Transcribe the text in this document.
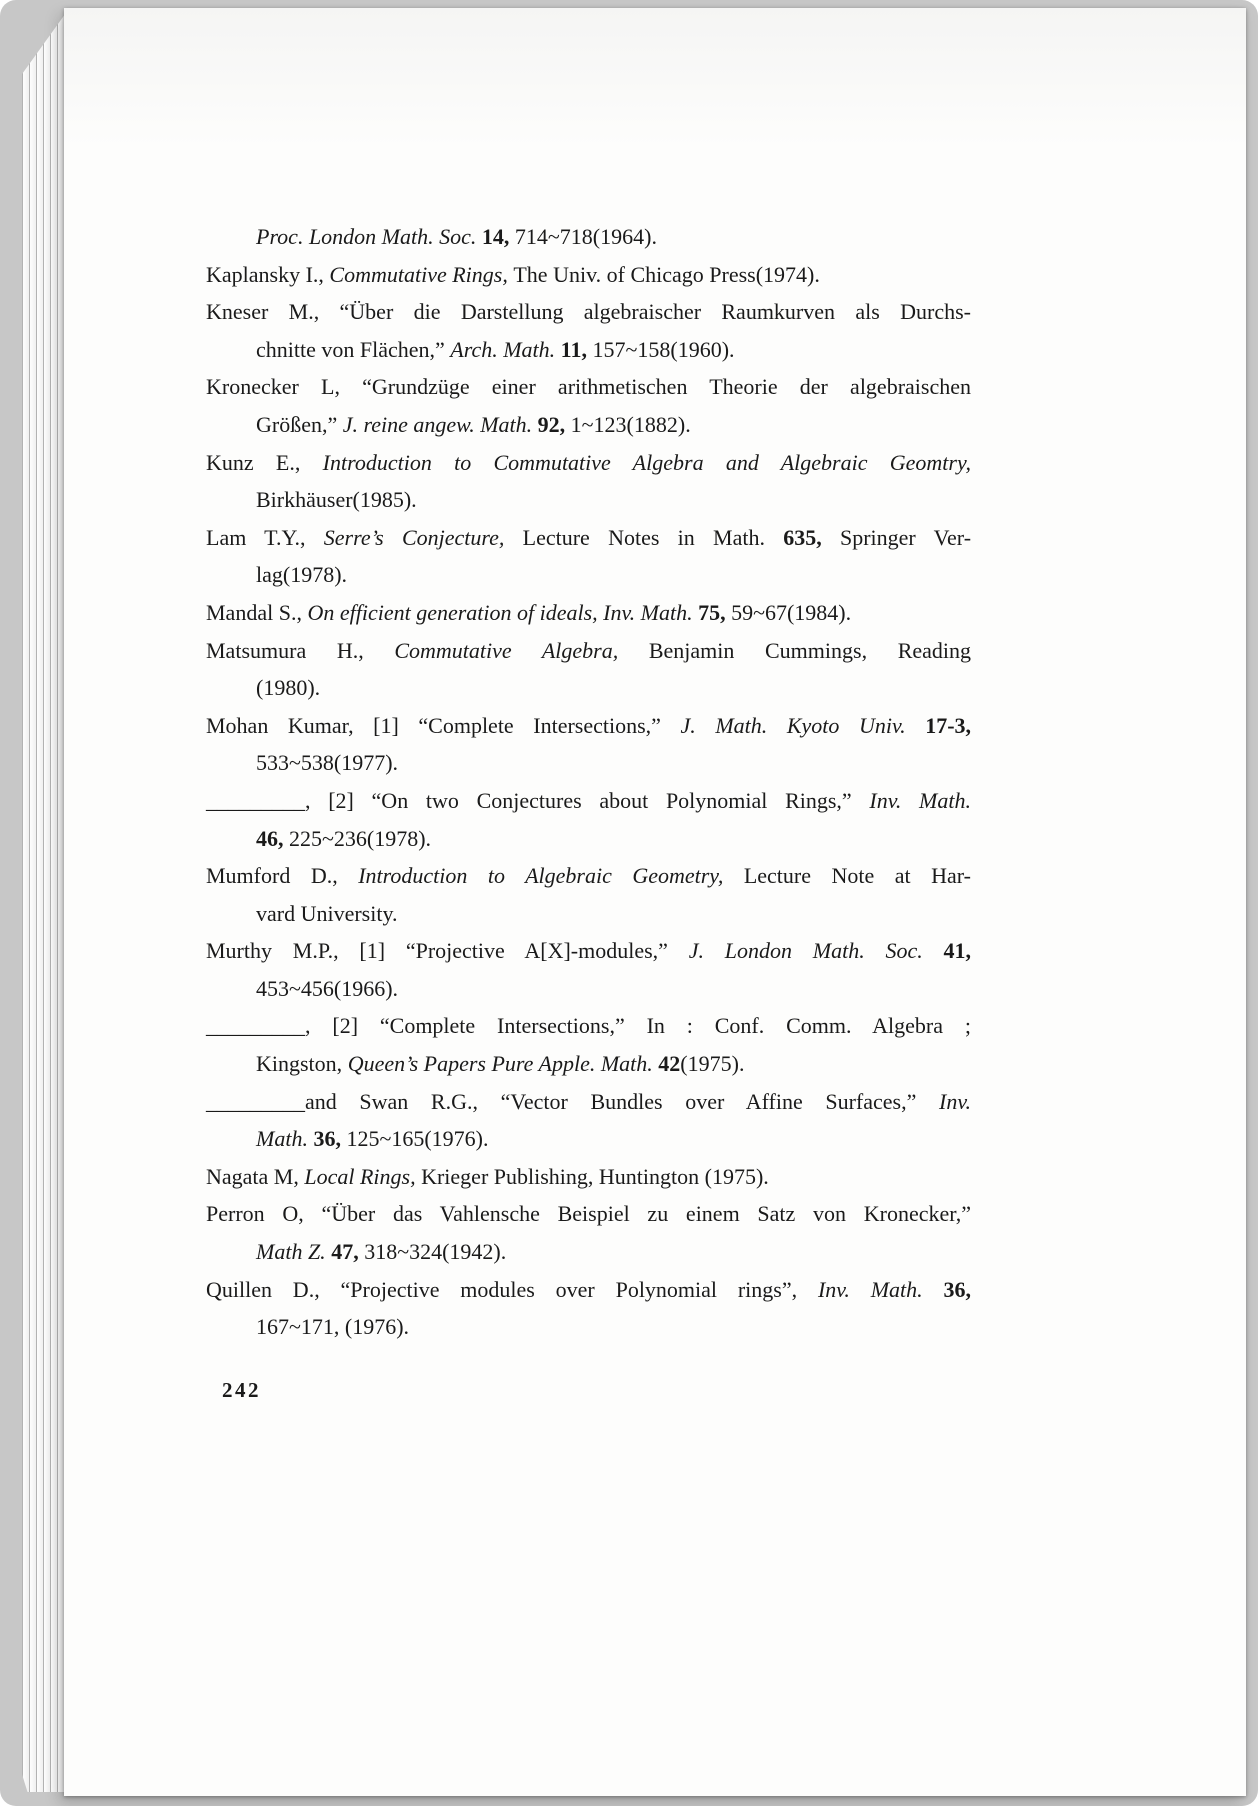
Proc. London Math. Soc. 14, 714~718(1964).
Kaplansky I., Commutative Rings, The Univ. of Chicago Press(1974).
Kneser M., “Über die Darstellung algebraischer Raumkurven als Durchs-
chnitte von Flächen,” Arch. Math. 11, 157~158(1960).
Kronecker L, “Grundzüge einer arithmetischen Theorie der algebraischen
Größen,” J. reine angew. Math. 92, 1~123(1882).
Kunz E., Introduction to Commutative Algebra and Algebraic Geomtry,
Birkhäuser(1985).
Lam T.Y., Serre’s Conjecture, Lecture Notes in Math. 635, Springer Ver-
lag(1978).
Mandal S., On efficient generation of ideals, Inv. Math. 75, 59~67(1984).
Matsumura H., Commutative Algebra, Benjamin Cummings, Reading
(1980).
Mohan Kumar, [1] “Complete Intersections,” J. Math. Kyoto Univ. 17-3,
533~538(1977).
_________, [2] “On two Conjectures about Polynomial Rings,” Inv. Math.
46, 225~236(1978).
Mumford D., Introduction to Algebraic Geometry, Lecture Note at Har-
vard University.
Murthy M.P., [1] “Projective A[X]-modules,” J. London Math. Soc. 41,
453~456(1966).
_________, [2] “Complete Intersections,” In : Conf. Comm. Algebra ;
Kingston, Queen’s Papers Pure Apple. Math. 42(1975).
_________and Swan R.G., “Vector Bundles over Affine Surfaces,” Inv.
Math. 36, 125~165(1976).
Nagata M, Local Rings, Krieger Publishing, Huntington (1975).
Perron O, “Über das Vahlensche Beispiel zu einem Satz von Kronecker,”
Math Z. 47, 318~324(1942).
Quillen D., “Projective modules over Polynomial rings”, Inv. Math. 36,
167~171, (1976).
242
